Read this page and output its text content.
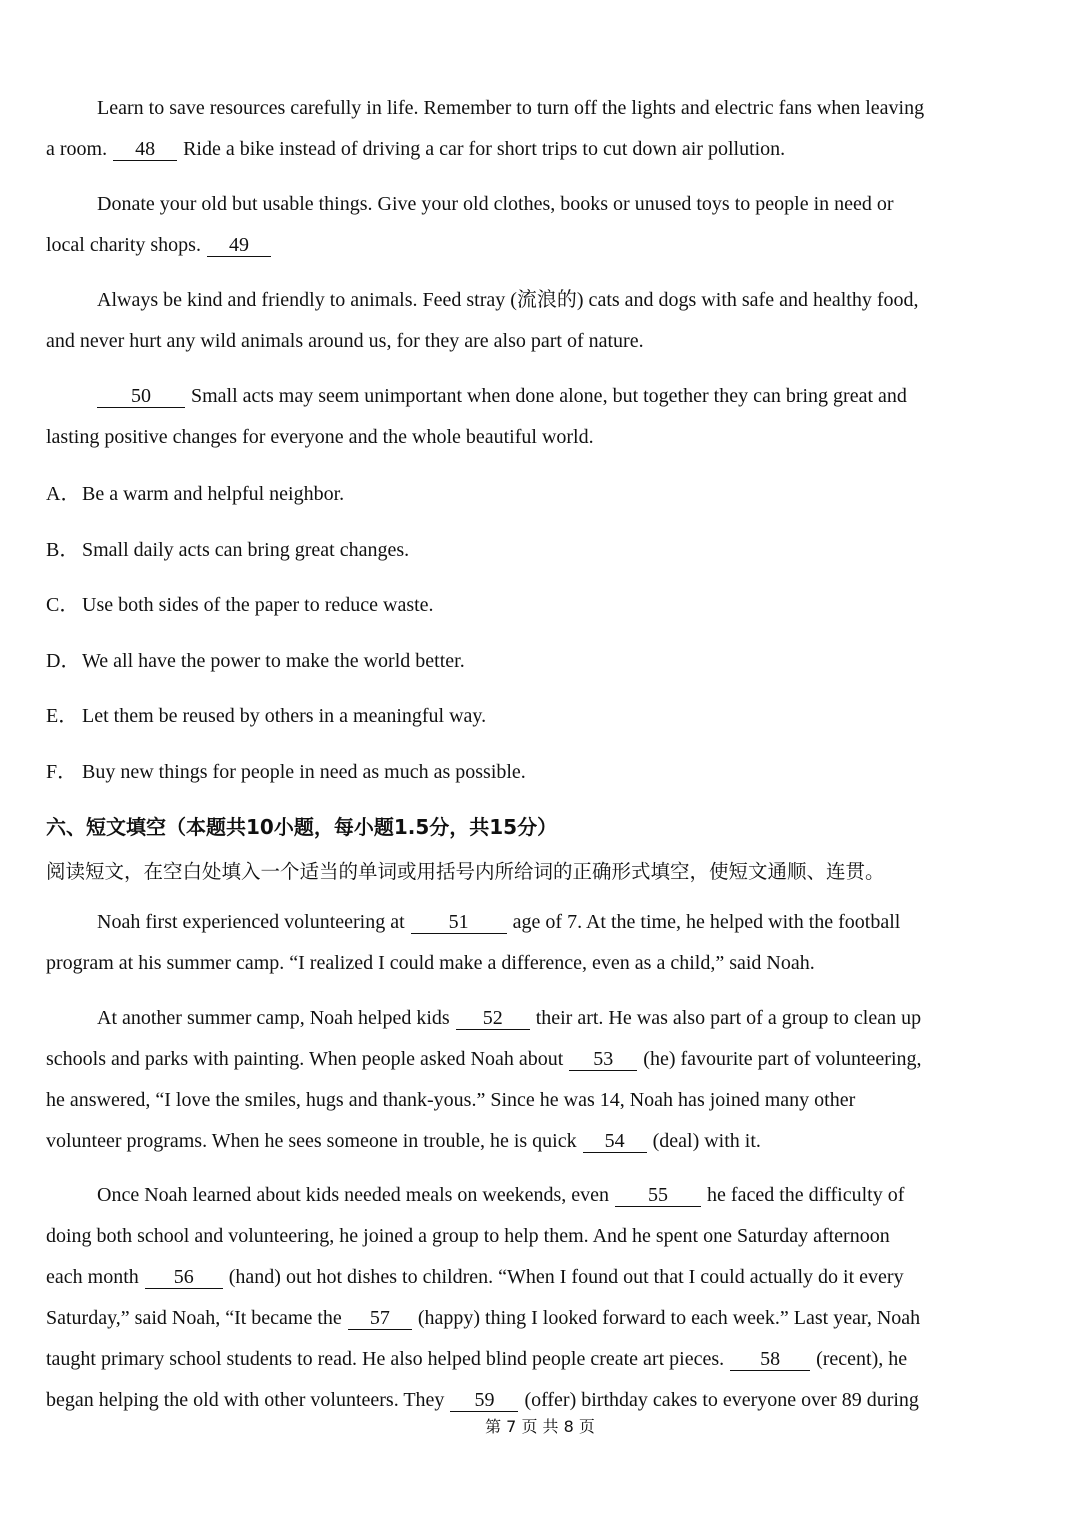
Learn to save resources carefully in life. Remember to turn off the lights and electric fans when leaving
a room. 48 Ride a bike instead of driving a car for short trips to cut down air pollution.
Donate your old but usable things. Give your old clothes, books or unused toys to people in need or
local charity shops. 49
Always be kind and friendly to animals. Feed stray (流浪的) cats and dogs with safe and healthy food,
and never hurt any wild animals around us, for they are also part of nature.
50 Small acts may seem unimportant when done alone, but together they can bring great and
lasting positive changes for everyone and the whole beautiful world.
A．Be a warm and helpful neighbor.
B． Small daily acts can bring great changes.
C． Use both sides of the paper to reduce waste.
D．We all have the power to make the world better.
E． Let them be reused by others in a meaningful way.
F． Buy new things for people in need as much as possible.
六、短文填空（本题共10小题，每小题1.5分，共15分）
阅读短文，在空白处填入一个适当的单词或用括号内所给词的正确形式填空，使短文通顺、连贯。
Noah first experienced volunteering at 51 age of 7. At the time, he helped with the football
program at his summer camp. “I realized I could make a difference, even as a child,” said Noah.
At another summer camp, Noah helped kids 52 their art. He was also part of a group to clean up
schools and parks with painting. When people asked Noah about 53 (he) favourite part of volunteering,
he answered, “I love the smiles, hugs and thank-yous.” Since he was 14, Noah has joined many other
volunteer programs. When he sees someone in trouble, he is quick 54 (deal) with it.
Once Noah learned about kids needed meals on weekends, even 55 he faced the difficulty of
doing both school and volunteering, he joined a group to help them. And he spent one Saturday afternoon
each month 56 (hand) out hot dishes to children. “When I found out that I could actually do it every
Saturday,” said Noah, “It became the 57 (happy) thing I looked forward to each week.” Last year, Noah
taught primary school students to read. He also helped blind people create art pieces. 58 (recent), he
began helping the old with other volunteers. They 59 (offer) birthday cakes to everyone over 89 during
第 7 页 共 8 页
